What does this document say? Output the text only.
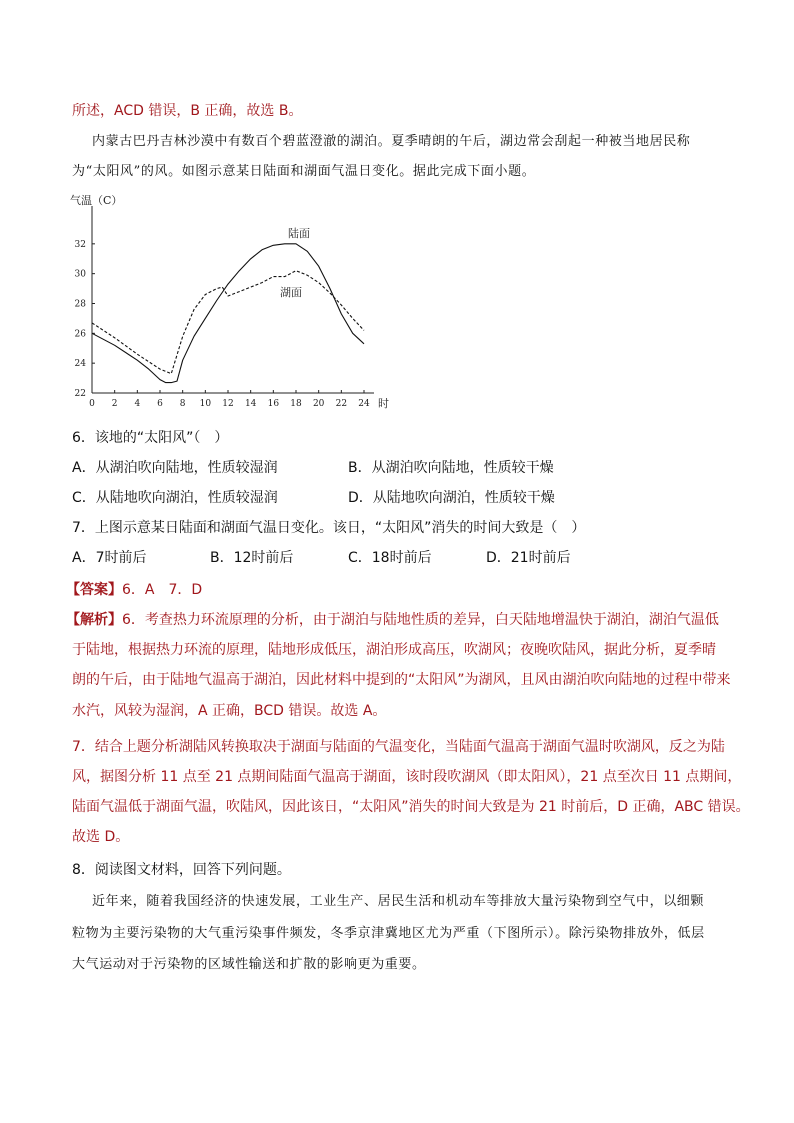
所述，ACD 错误，B 正确，故选 B。
内蒙古巴丹吉林沙漠中有数百个碧蓝澄澈的湖泊。夏季晴朗的午后，湖边常会刮起一种被当地居民称
为“太阳风”的风。如图示意某日陆面和湖面气温日变化。据此完成下面小题。
气温（C）
0 2 4 6 8 10 12 14 16 18 20 22 24
22
24
26
28
30
32
时
陆面
湖面
6．该地的“太阳风”（　）
A．从湖泊吹向陆地，性质较湿润	B．从湖泊吹向陆地，性质较干燥
C．从陆地吹向湖泊，性质较湿润	D．从陆地吹向湖泊，性质较干燥
7．上图示意某日陆面和湖面气温日变化。该日，“太阳风”消失的时间大致是（　）
A．7时前后	B．12时前后	C．18时前后	D．21时前后
【答案】6．A　7．D
【解析】6．考查热力环流原理的分析，由于湖泊与陆地性质的差异，白天陆地增温快于湖泊，湖泊气温低
于陆地，根据热力环流的原理，陆地形成低压，湖泊形成高压，吹湖风；夜晚吹陆风，据此分析，夏季晴
朗的午后，由于陆地气温高于湖泊，因此材料中提到的“太阳风”为湖风，且风由湖泊吹向陆地的过程中带来
水汽，风较为湿润，A 正确，BCD 错误。故选 A。
7．结合上题分析湖陆风转换取决于湖面与陆面的气温变化，当陆面气温高于湖面气温时吹湖风，反之为陆
风，据图分析 11 点至 21 点期间陆面气温高于湖面，该时段吹湖风（即太阳风），21 点至次日 11 点期间，
陆面气温低于湖面气温，吹陆风，因此该日，“太阳风”消失的时间大致是为 21 时前后，D 正确，ABC 错误。
故选 D。
8．阅读图文材料，回答下列问题。
近年来，随着我国经济的快速发展，工业生产、居民生活和机动车等排放大量污染物到空气中，以细颗
粒物为主要污染物的大气重污染事件频发，冬季京津冀地区尤为严重（下图所示）。除污染物排放外，低层
大气运动对于污染物的区域性输送和扩散的影响更为重要。
